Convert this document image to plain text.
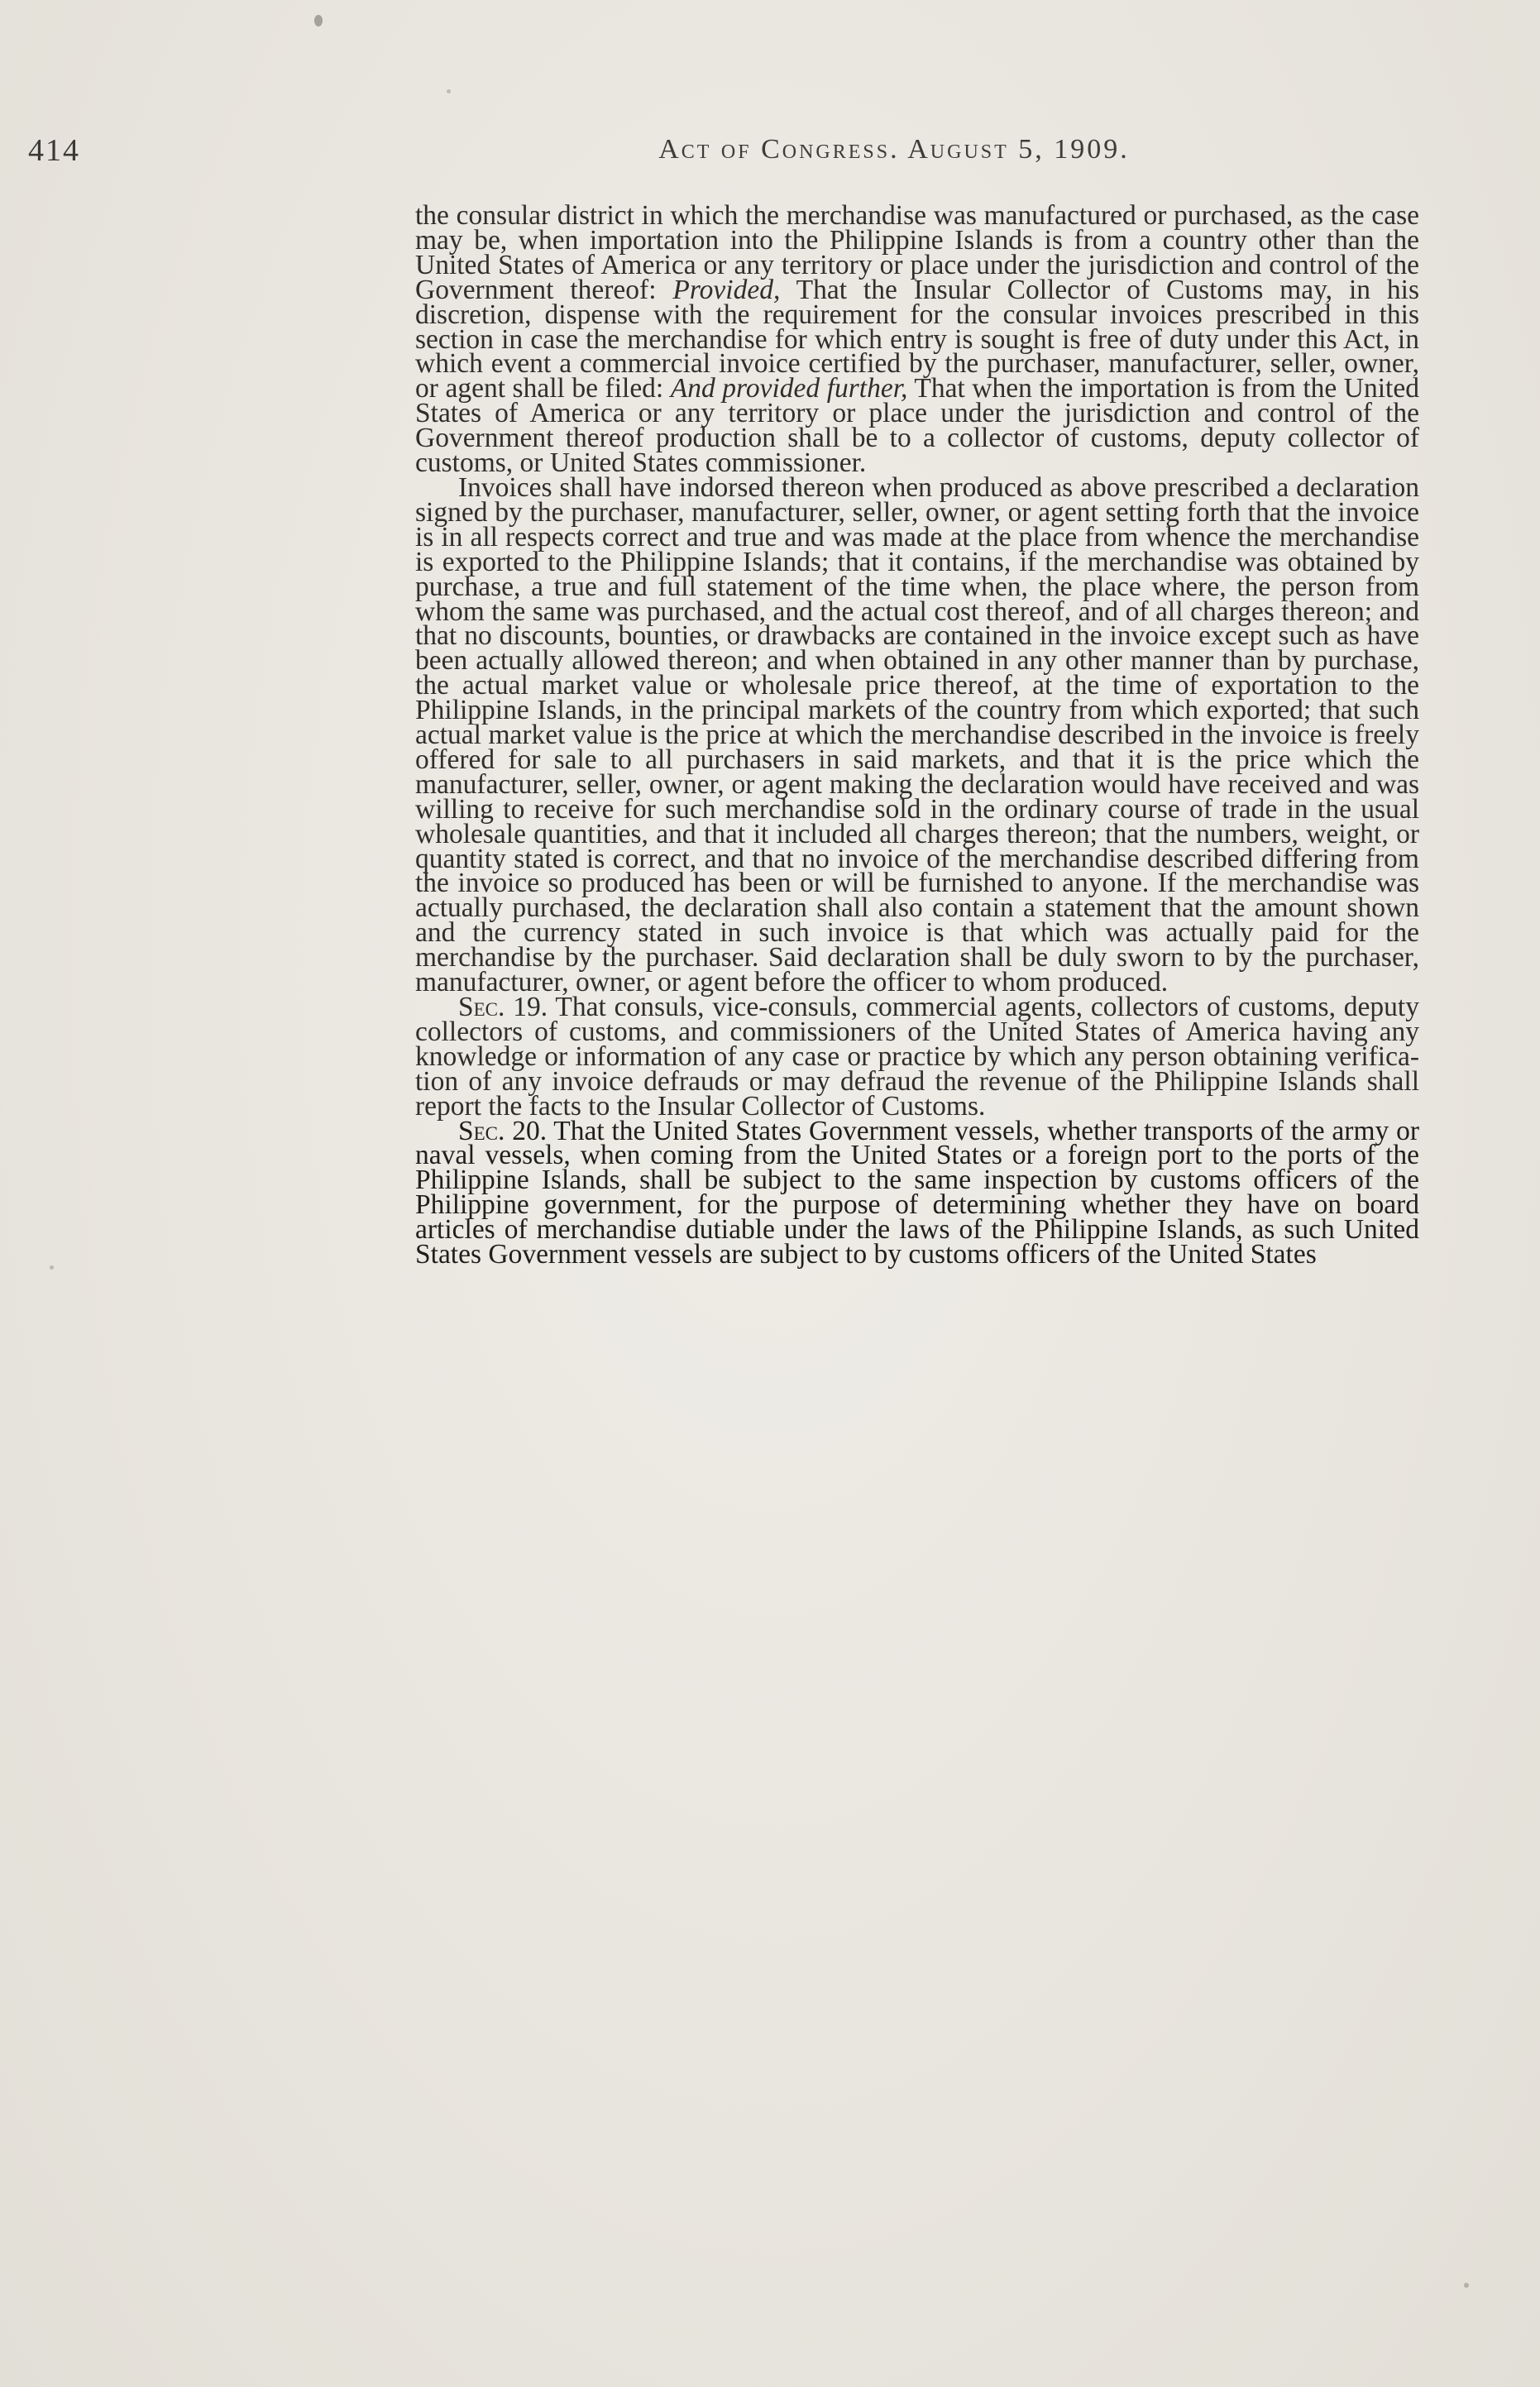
414	Act of Congress. August 5, 1909.

the consular district in which the merchandise was manufactured or purchased, as the case may be, when importation into the Philippine Islands is from a country other than the United States of America or any territory or place under the jurisdiction and control of the Government thereof: Provided, That the Insular Collector of Customs may, in his discretion, dispense with the requirement for the consular invoices prescribed in this section in case the merchandise for which entry is sought is free of duty under this Act, in which event a commercial invoice certified by the purchaser, manufacturer, seller, owner, or agent shall be filed: And provided further, That when the importation is from the United States of America or any territory or place under the jurisdiction and control of the Government thereof production shall be to a collector of customs, deputy collector of customs, or United States commissioner.

Invoices shall have indorsed thereon when produced as above prescribed a declaration signed by the purchaser, manufacturer, seller, owner, or agent setting forth that the invoice is in all respects correct and true and was made at the place from whence the merchandise is exported to the Philippine Islands; that it contains, if the merchandise was obtained by purchase, a true and full statement of the time when, the place where, the person from whom the same was purchased, and the actual cost thereof, and of all charges thereon; and that no discounts, bounties, or drawbacks are contained in the invoice except such as have been actually allowed thereon; and when obtained in any other manner than by purchase, the actual market value or wholesale price thereof, at the time of exportation to the Philippine Islands, in the principal markets of the country from which exported; that such actual market value is the price at which the merchandise described in the invoice is freely offered for sale to all purchasers in said markets, and that it is the price which the manufacturer, seller, owner, or agent making the declaration would have received and was willing to receive for such merchandise sold in the ordinary course of trade in the usual wholesale quantities, and that it included all charges thereon; that the numbers, weight, or quantity stated is correct, and that no invoice of the merchandise described differing from the invoice so produced has been or will be furnished to anyone. If the merchandise was actually purchased, the declaration shall also contain a statement that the amount shown and the currency stated in such invoice is that which was actually paid for the merchandise by the purchaser. Said declaration shall be duly sworn to by the purchaser, manufacturer, owner, or agent before the officer to whom produced.

Sec. 19. That consuls, vice-consuls, commercial agents, collectors of customs, deputy collectors of customs, and commissioners of the United States of America having any knowledge or information of any case or practice by which any person obtaining verification of any invoice defrauds or may defraud the revenue of the Philippine Islands shall report the facts to the Insular Collector of Customs.

Sec. 20. That the United States Government vessels, whether transports of the army or naval vessels, when coming from the United States or a foreign port to the ports of the Philippine Islands, shall be subject to the same inspection by customs officers of the Philippine government, for the purpose of determining whether they have on board articles of merchandise dutiable under the laws of the Philippine Islands, as such United States Government vessels are subject to by customs officers of the United States
